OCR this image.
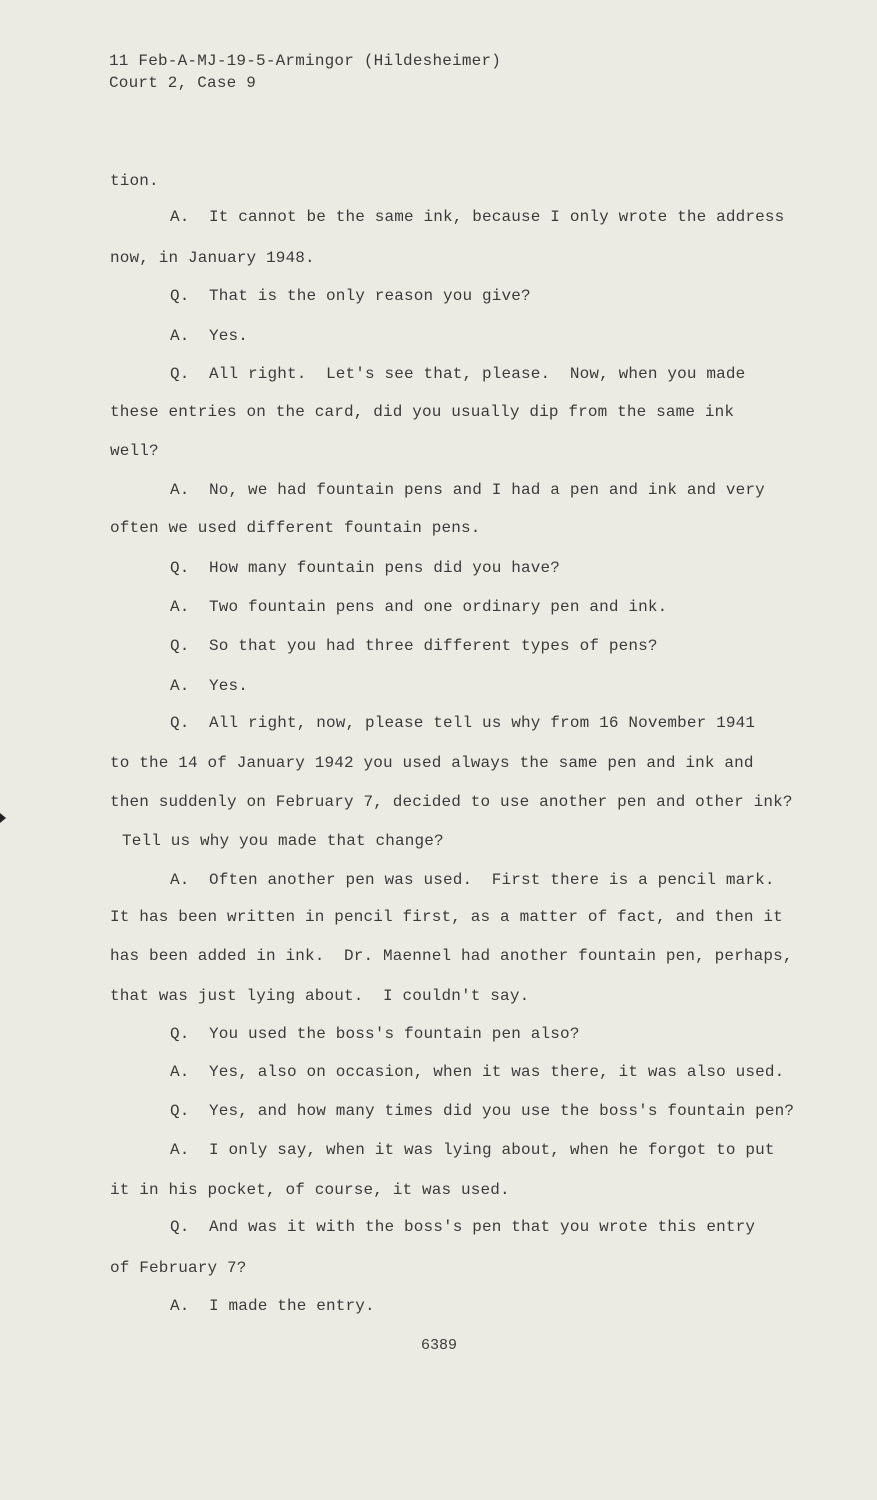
11 Feb-A-MJ-19-5-Armingor (Hildesheimer)
Court 2, Case 9
tion.
A.  It cannot be the same ink, because I only wrote the address
now, in January 1948.
Q.  That is the only reason you give?
A.  Yes.
Q.  All right.  Let's see that, please.  Now, when you made
these entries on the card, did you usually dip from the same ink
well?
A.  No, we had fountain pens and I had a pen and ink and very
often we used different fountain pens.
Q.  How many fountain pens did you have?
A.  Two fountain pens and one ordinary pen and ink.
Q.  So that you had three different types of pens?
A.  Yes.
Q.  All right, now, please tell us why from 16 November 1941
to the 14 of January 1942 you used always the same pen and ink and
then suddenly on February 7, decided to use another pen and other ink?
Tell us why you made that change?
A.  Often another pen was used.  First there is a pencil mark.
It has been written in pencil first, as a matter of fact, and then it
has been added in ink.  Dr. Maennel had another fountain pen, perhaps,
that was just lying about.  I couldn't say.
Q.  You used the boss's fountain pen also?
A.  Yes, also on occasion, when it was there, it was also used.
Q.  Yes, and how many times did you use the boss's fountain pen?
A.  I only say, when it was lying about, when he forgot to put
it in his pocket, of course, it was used.
Q.  And was it with the boss's pen that you wrote this entry
of February 7?
A.  I made the entry.
6389
